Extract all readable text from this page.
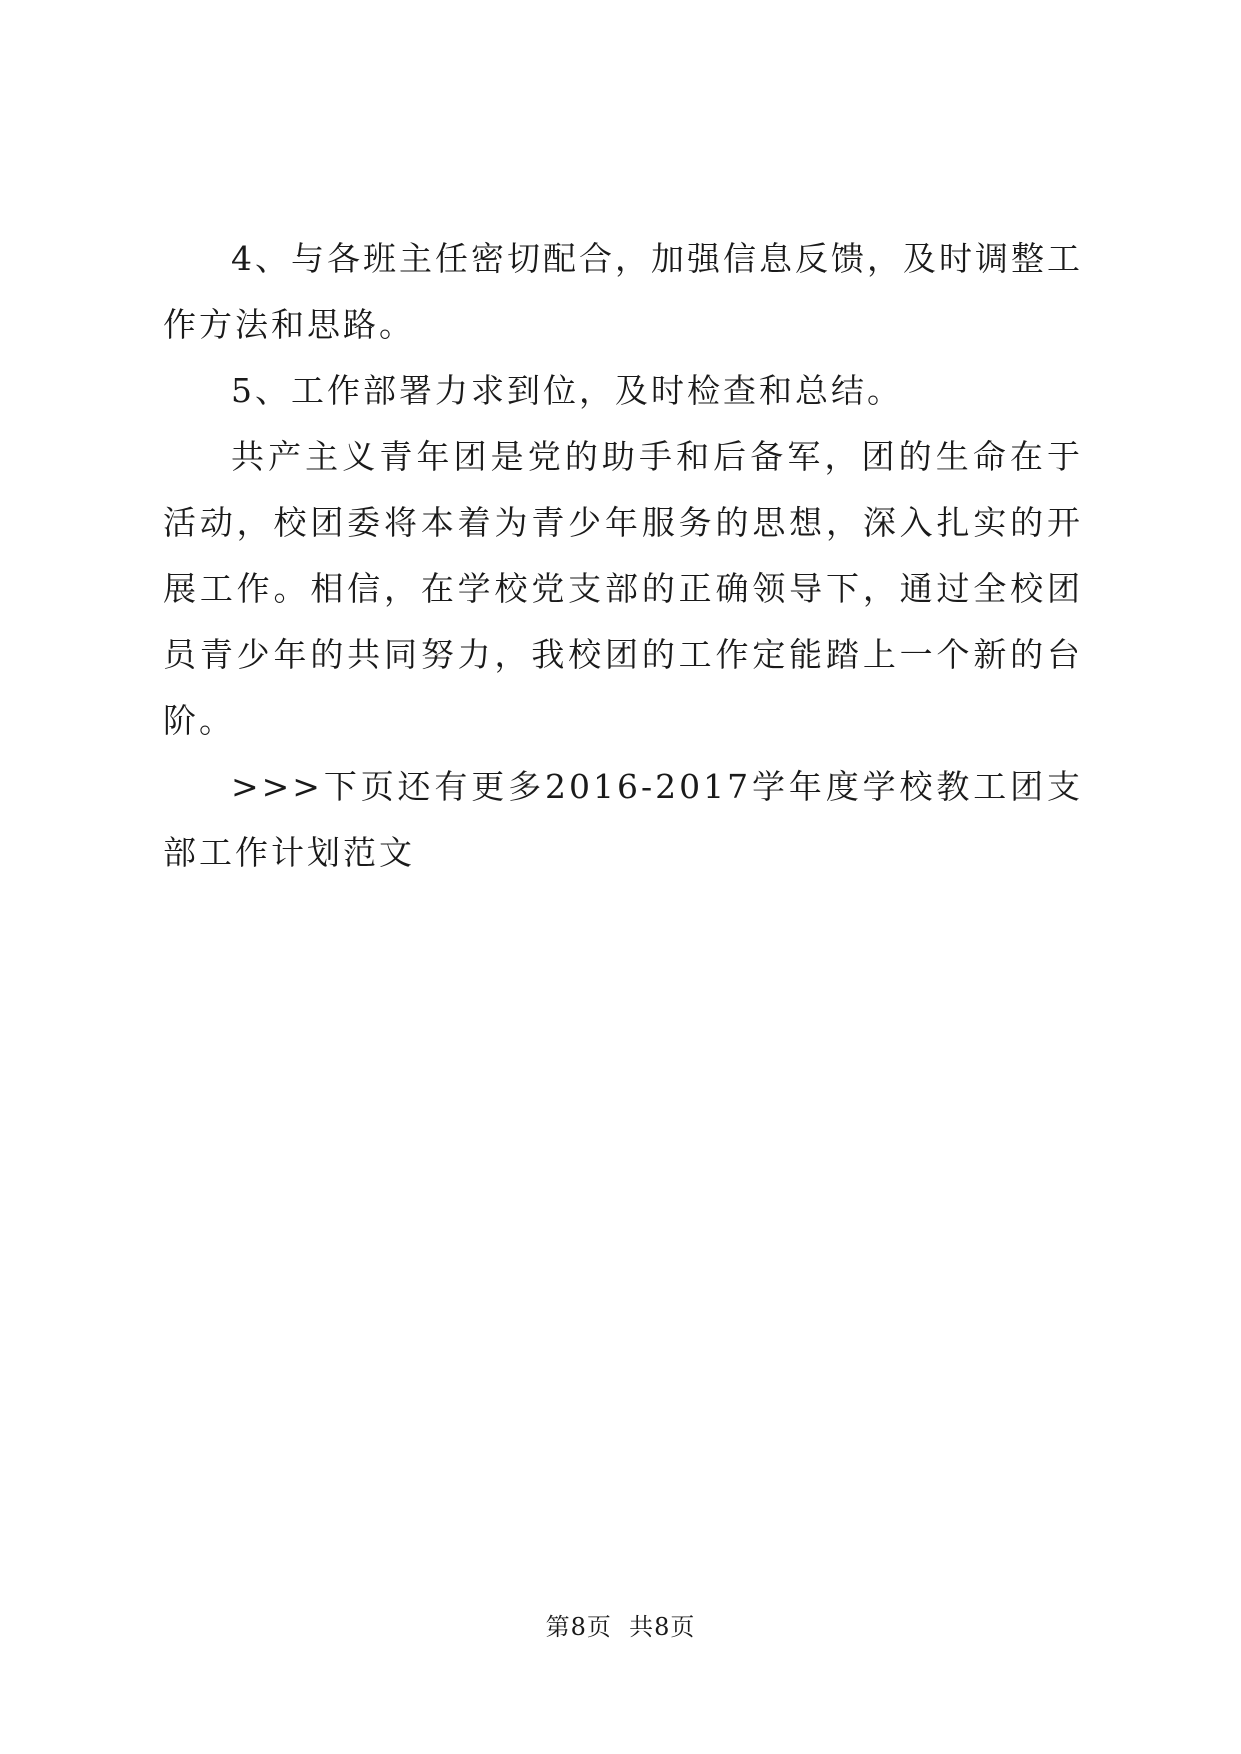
4、与各班主任密切配合，加强信息反馈，及时调整工作方法和思路。

5、工作部署力求到位，及时检查和总结。

共产主义青年团是党的助手和后备军，团的生命在于活动，校团委将本着为青少年服务的思想，深入扎实的开展工作。相信，在学校党支部的正确领导下，通过全校团员青少年的共同努力，我校团的工作定能踏上一个新的台阶。

>>>下页还有更多2016-2017学年度学校教工团支部工作计划范文

第8页 共8页
